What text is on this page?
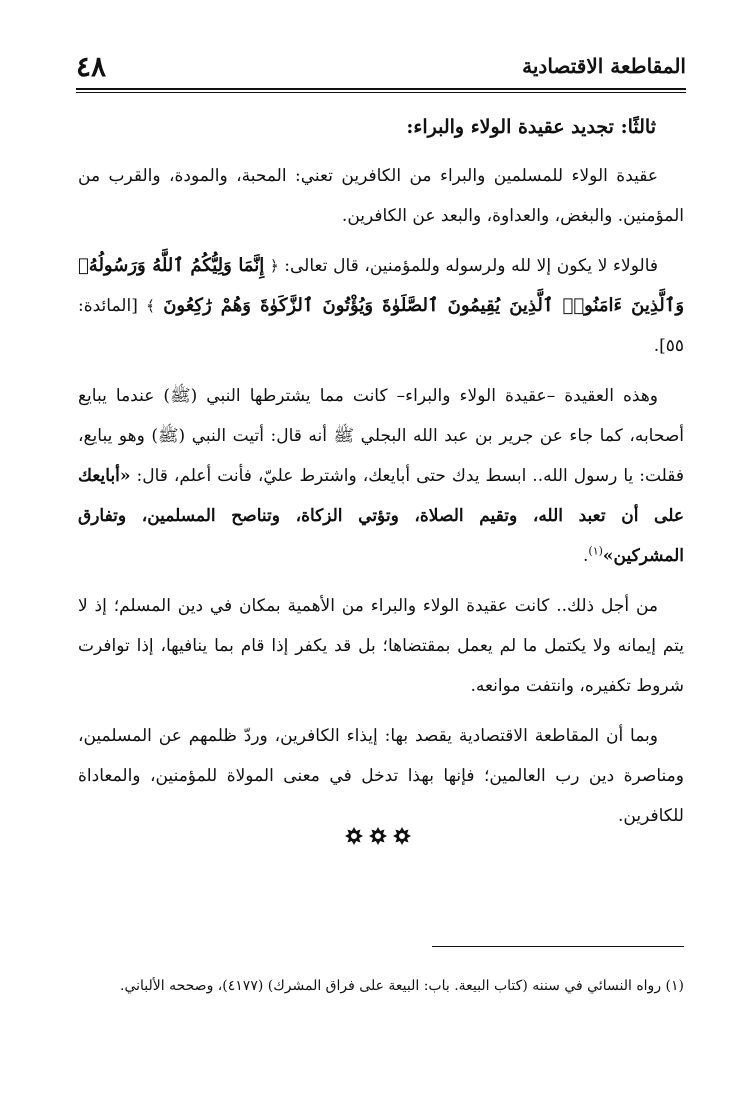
المقاطعة الاقتصادية
٤٨

ثالثًا: تجديد عقيدة الولاء والبراء:

عقيدة الولاء للمسلمين والبراء من الكافرين تعني: المحبة، والمودة، والقرب من المؤمنين. والبغض، والعداوة، والبعد عن الكافرين.

فالولاء لا يكون إلا لله ولرسوله وللمؤمنين، قال تعالى: ﴿ إِنَّمَا وَلِيُّكُمُ ٱللَّهُ وَرَسُولُهُۥ وَٱلَّذِينَ ءَامَنُوا۟ ٱلَّذِينَ يُقِيمُونَ ٱلصَّلَوٰةَ وَيُؤْتُونَ ٱلزَّكَوٰةَ وَهُمْ رَٰكِعُونَ ﴾ [المائدة: ٥٥].

وهذه العقيدة –عقيدة الولاء والبراء– كانت مما يشترطها النبي (ﷺ) عندما يبايع أصحابه، كما جاء عن جرير بن عبد الله البجلي ﷺ أنه قال: أتيت النبي (ﷺ) وهو يبايع، فقلت: يا رسول الله.. ابسط يدك حتى أبايعك، واشترط عليّ، فأنت أعلم، قال: «أبايعك على أن تعبد الله، وتقيم الصلاة، وتؤتي الزكاة، وتناصح المسلمين، وتفارق المشركين»$^{(١)}$.

من أجل ذلك.. كانت عقيدة الولاء والبراء من الأهمية بمكان في دين المسلم؛ إذ لا يتم إيمانه ولا يكتمل ما لم يعمل بمقتضاها؛ بل قد يكفر إذا قام بما ينافيها، إذا توافرت شروط تكفيره، وانتفت موانعه.

وبما أن المقاطعة الاقتصادية يقصد بها: إيذاء الكافرين، وردّ ظلمهم عن المسلمين، ومناصرة دين رب العالمين؛ فإنها بهذا تدخل في معنى المولاة للمؤمنين، والمعاداة للكافرين.

(١) رواه النسائي في سننه (كتاب البيعة. باب: البيعة على فراق المشرك) (٤١٧٧)، وصححه الألباني.
